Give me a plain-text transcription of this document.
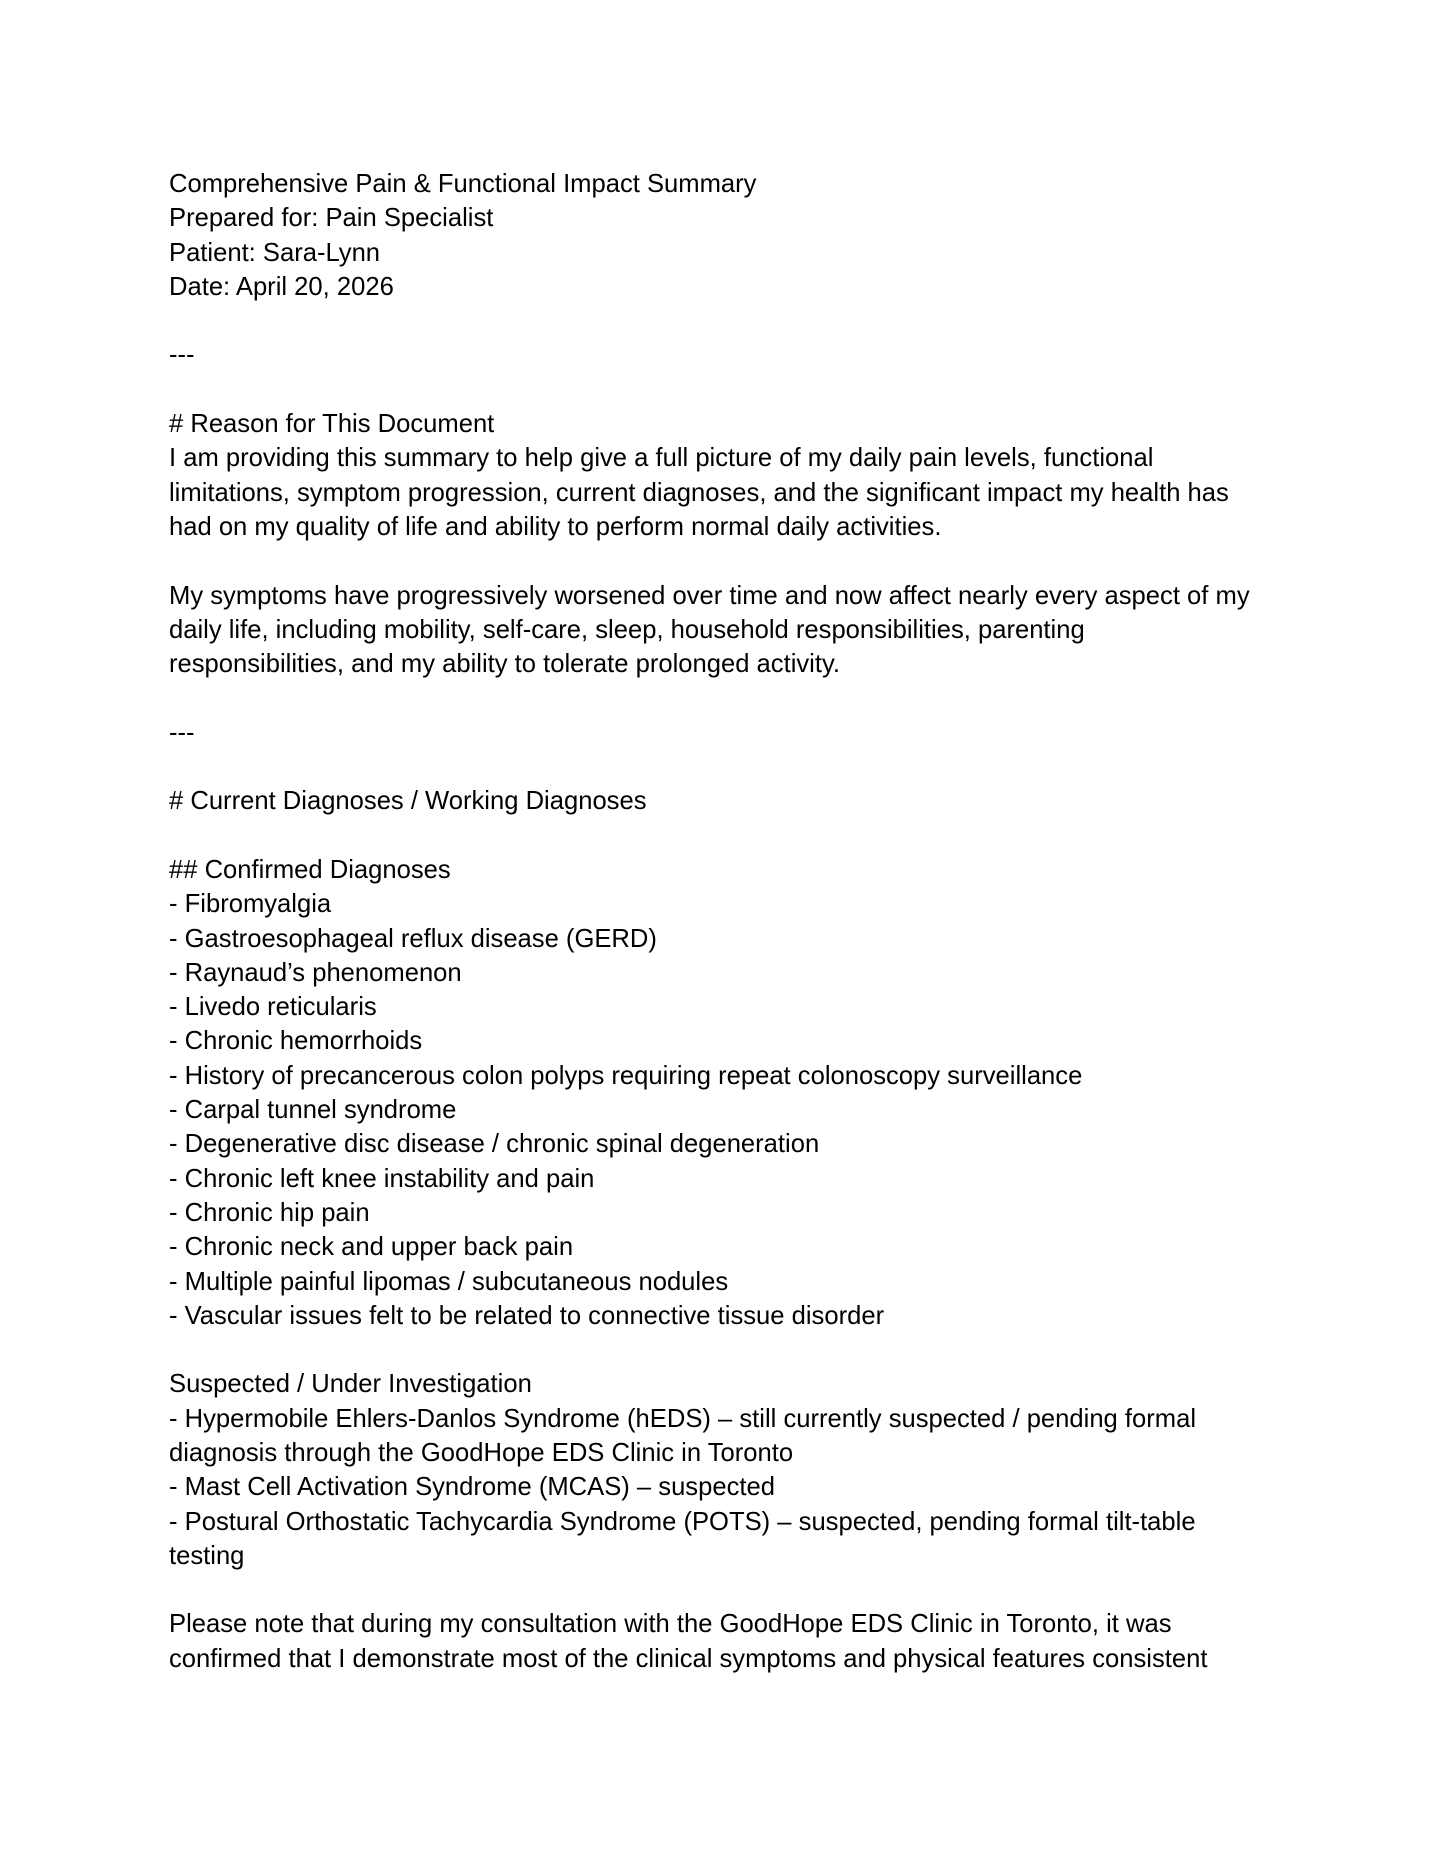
Comprehensive Pain & Functional Impact Summary
Prepared for: Pain Specialist
Patient: Sara-Lynn
Date: April 20, 2026
---
# Reason for This Document
I am providing this summary to help give a full picture of my daily pain levels, functional
limitations, symptom progression, current diagnoses, and the significant impact my health has
had on my quality of life and ability to perform normal daily activities.
My symptoms have progressively worsened over time and now affect nearly every aspect of my
daily life, including mobility, self-care, sleep, household responsibilities, parenting
responsibilities, and my ability to tolerate prolonged activity.
---
# Current Diagnoses / Working Diagnoses
## Confirmed Diagnoses
- Fibromyalgia
- Gastroesophageal reflux disease (GERD)
- Raynaud’s phenomenon
- Livedo reticularis
- Chronic hemorrhoids
- History of precancerous colon polyps requiring repeat colonoscopy surveillance
- Carpal tunnel syndrome
- Degenerative disc disease / chronic spinal degeneration
- Chronic left knee instability and pain
- Chronic hip pain
- Chronic neck and upper back pain
- Multiple painful lipomas / subcutaneous nodules
- Vascular issues felt to be related to connective tissue disorder
Suspected / Under Investigation
- Hypermobile Ehlers-Danlos Syndrome (hEDS) – still currently suspected / pending formal
diagnosis through the GoodHope EDS Clinic in Toronto
- Mast Cell Activation Syndrome (MCAS) – suspected
- Postural Orthostatic Tachycardia Syndrome (POTS) – suspected, pending formal tilt-table
testing
Please note that during my consultation with the GoodHope EDS Clinic in Toronto, it was
confirmed that I demonstrate most of the clinical symptoms and physical features consistent
